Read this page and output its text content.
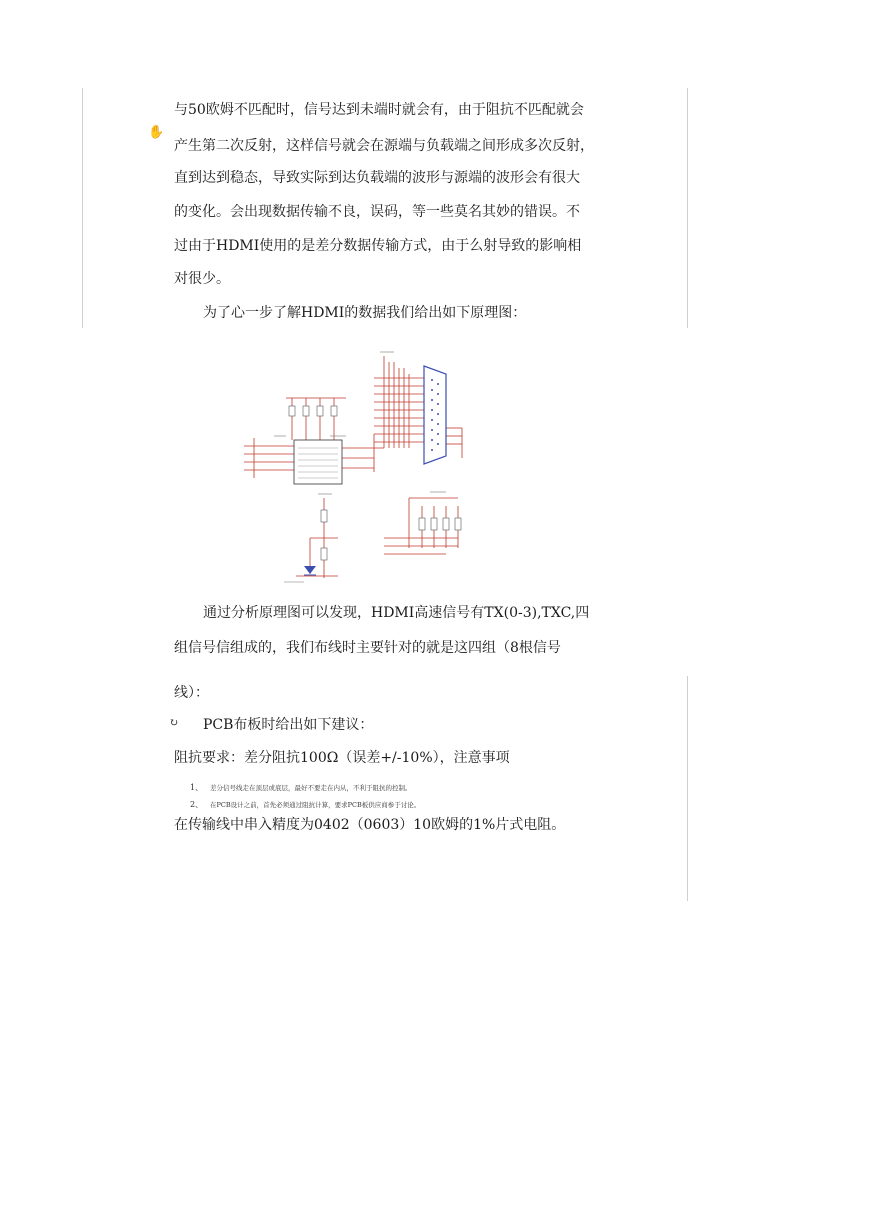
✋
与50欧姆不匹配时，信号达到未端时就会有，由于阻抗不匹配就会
产生第二次反射，这样信号就会在源端与负载端之间形成多次反射，
直到达到稳态，导致实际到达负载端的波形与源端的波形会有很大
的变化。会出现数据传输不良，误码，等一些莫名其妙的错误。不
过由于HDMI使用的是差分数据传输方式，由于么射导致的影响相
对很少。
为了心一步了解HDMI的数据我们给出如下原理图：
通过分析原理图可以发现，HDMI高速信号有TX(0-3),TXC,四
组信号信组成的，我们布线时主要针对的就是这四组（8根信号
线）：
↻ PCB布板时给出如下建议：
阻抗要求：差分阻抗100Ω（误差+/-10%），注意事项
1、 差分信号线走在顶层或底层，最好不要走在内从，不利于阻抗的控制。
2、 在PCB设计之前，首先必须通过阻抗计算，要求PCB板供应商参于讨论。
在传输线中串入精度为0402（0603）10欧姆的1%片式电阻。
